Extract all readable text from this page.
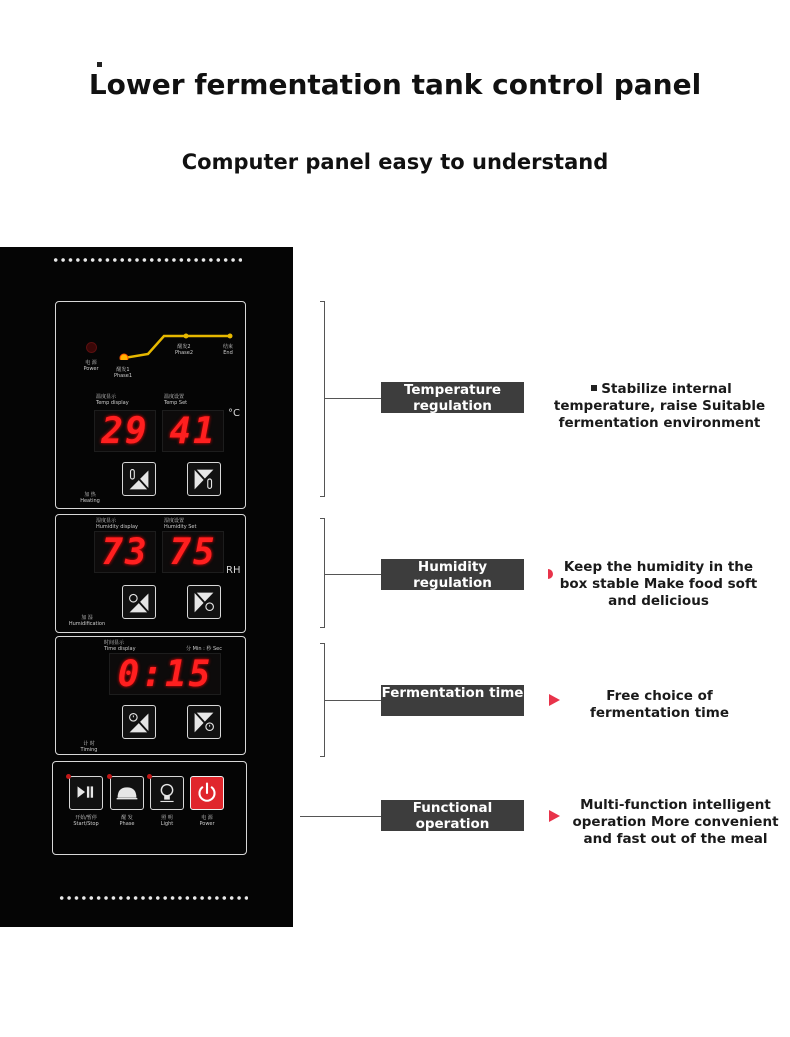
Lower fermentation tank control panel
Computer panel easy to understand
电 源
Power	醒发1
Phase1
醒发2
Phase2
结束
End
温度显示
Temp display
温度设置
Temp Set
29 41	°C
加 热
Heating
湿度显示
Humidity display
湿度设置
Humidity Set
73 75 RH
加 湿
Humidification
时间显示
Time display	分 Min : 秒 Sec
0:15
计 时
Timing
开始/暂停
Start/Stop
醒 发
Phase
照 明
Light
电 源
Power
Temperature regulation
Humidity regulation
Fermentation time
Functional operation
Stabilize internal temperature, raise Suitable fermentation environment
Keep the humidity in the box stable Make food soft and delicious
Free choice of fermentation time
Multi-function intelligent operation More convenient and fast out of the meal
